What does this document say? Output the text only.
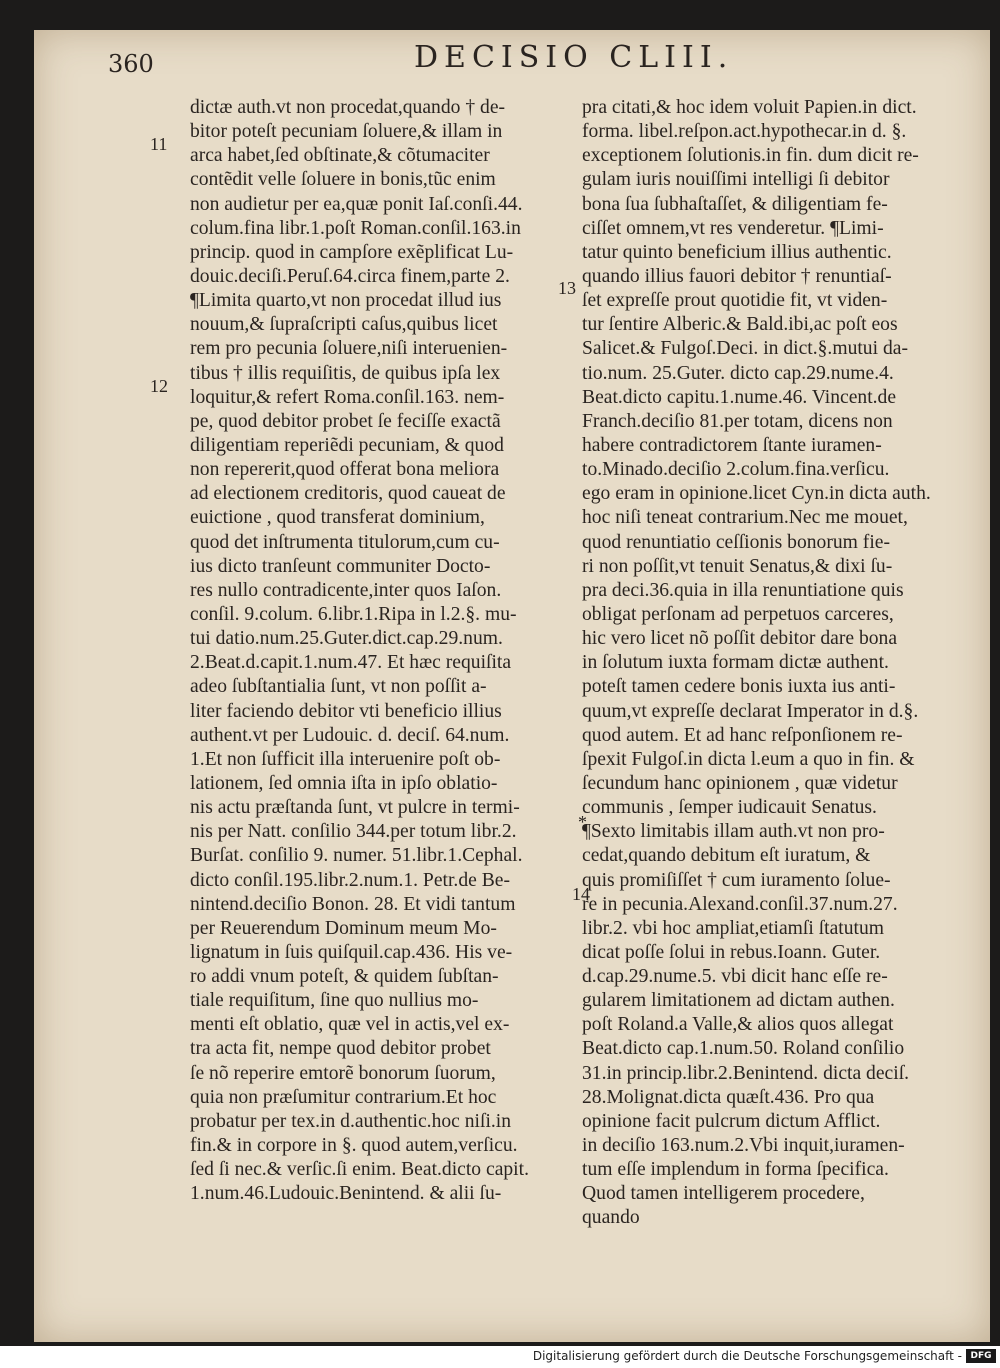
360	DECISIO CLIII.
dictæ auth.vt non procedat,quando † de-
bitor poteſt pecuniam ſoluere,& illam in
arca habet,ſed obſtinate,& cõtumaciter
contẽdit velle ſoluere in bonis,tũc enim
non audietur per ea,quæ ponit Iaſ.conſi.44.
colum.fina libr.1.poſt Roman.conſil.163.in
princip. quod in campſore exẽplificat Lu-
douic.deciſi.Peruſ.64.circa finem,parte 2.
¶Limita quarto,vt non procedat illud ius
nouum,& ſupraſcripti caſus,quibus licet
rem pro pecunia ſoluere,niſi interuenien-
tibus † illis requiſitis, de quibus ipſa lex
loquitur,& refert Roma.conſil.163. nem-
pe, quod debitor probet ſe feciſſe exactã
diligentiam reperiẽdi pecuniam, & quod
non repererit,quod offerat bona meliora
ad electionem creditoris, quod caueat de
euictione , quod transferat dominium,
quod det inſtrumenta titulorum,cum cu-
ius dicto tranſeunt communiter Docto-
res nullo contradicente,inter quos Iaſon.
conſil. 9.colum. 6.libr.1.Ripa in l.2.§. mu-
tui datio.num.25.Guter.dict.cap.29.num.
2.Beat.d.capit.1.num.47. Et hæc requiſita
adeo ſubſtantialia ſunt, vt non poſſit a-
liter faciendo debitor vti beneficio illius
authent.vt per Ludouic. d. deciſ. 64.num.
1.Et non ſufficit illa interuenire poſt ob-
lationem, ſed omnia iſta in ipſo oblatio-
nis actu præſtanda ſunt, vt pulcre in termi-
nis per Natt. conſilio 344.per totum libr.2.
Burſat. conſilio 9. numer. 51.libr.1.Cephal.
dicto conſil.195.libr.2.num.1. Petr.de Be-
nintend.deciſio Bonon. 28. Et vidi tantum
per Reuerendum Dominum meum Mo-
lignatum in ſuis quiſquil.cap.436. His ve-
ro addi vnum poteſt, & quidem ſubſtan-
tiale requiſitum, ſine quo nullius mo-
menti eſt oblatio, quæ vel in actis,vel ex-
tra acta fit, nempe quod debitor probet
ſe nõ reperire emtorẽ bonorum ſuorum,
quia non præſumitur contrarium.Et hoc
probatur per tex.in d.authentic.hoc niſi.in
fin.& in corpore in §. quod autem,verſicu.
ſed ſi nec.& verſic.ſi enim. Beat.dicto capit.
1.num.46.Ludouic.Benintend. & alii ſu-
pra citati,& hoc idem voluit Papien.in dict.
forma. libel.reſpon.act.hypothecar.in d. §.
exceptionem ſolutionis.in fin. dum dicit re-
gulam iuris nouiſſimi intelligi ſi debitor
bona ſua ſubhaſtaſſet, & diligentiam fe-
ciſſet omnem,vt res venderetur. ¶Limi-
tatur quinto beneficium illius authentic.
quando illius fauori debitor † renuntiaſ-
ſet expreſſe prout quotidie fit, vt viden-
tur ſentire Alberic.& Bald.ibi,ac poſt eos
Salicet.& Fulgoſ.Deci. in dict.§.mutui da-
tio.num. 25.Guter. dicto cap.29.nume.4.
Beat.dicto capitu.1.nume.46. Vincent.de
Franch.deciſio 81.per totam, dicens non
habere contradictorem ſtante iuramen-
to.Minado.deciſio 2.colum.fina.verſicu.
ego eram in opinione.licet Cyn.in dicta auth.
hoc niſi teneat contrarium.Nec me mouet,
quod renuntiatio ceſſionis bonorum fie-
ri non poſſit,vt tenuit Senatus,& dixi ſu-
pra deci.36.quia in illa renuntiatione quis
obligat perſonam ad perpetuos carceres,
hic vero licet nõ poſſit debitor dare bona
in ſolutum iuxta formam dictæ authent.
poteſt tamen cedere bonis iuxta ius anti-
quum,vt expreſſe declarat Imperator in d.§.
quod autem. Et ad hanc reſponſionem re-
ſpexit Fulgoſ.in dicta l.eum a quo in fin. &
ſecundum hanc opinionem , quæ videtur
communis , ſemper iudicauit Senatus.
¶Sexto limitabis illam auth.vt non pro-
cedat,quando debitum eſt iuratum, &
quis promiſiſſet † cum iuramento ſolue-
re in pecunia.Alexand.conſil.37.num.27.
libr.2. vbi hoc ampliat,etiamſi ſtatutum
dicat poſſe ſolui in rebus.Ioann. Guter.
d.cap.29.nume.5. vbi dicit hanc eſſe re-
gularem limitationem ad dictam authen.
poſt Roland.a Valle,& alios quos allegat
Beat.dicto cap.1.num.50. Roland conſilio
31.in princip.libr.2.Benintend. dicta deciſ.
28.Molignat.dicta quæſt.436. Pro qua
opinione facit pulcrum dictum Afflict.
in deciſio 163.num.2.Vbi inquit,iuramen-
tum eſſe implendum in forma ſpecifica.
Quod tamen intelligerem procedere,
quando
11
12
13
*
14
Digitalisierung gefördert durch die Deutsche Forschungsgemeinschaft - DFG
